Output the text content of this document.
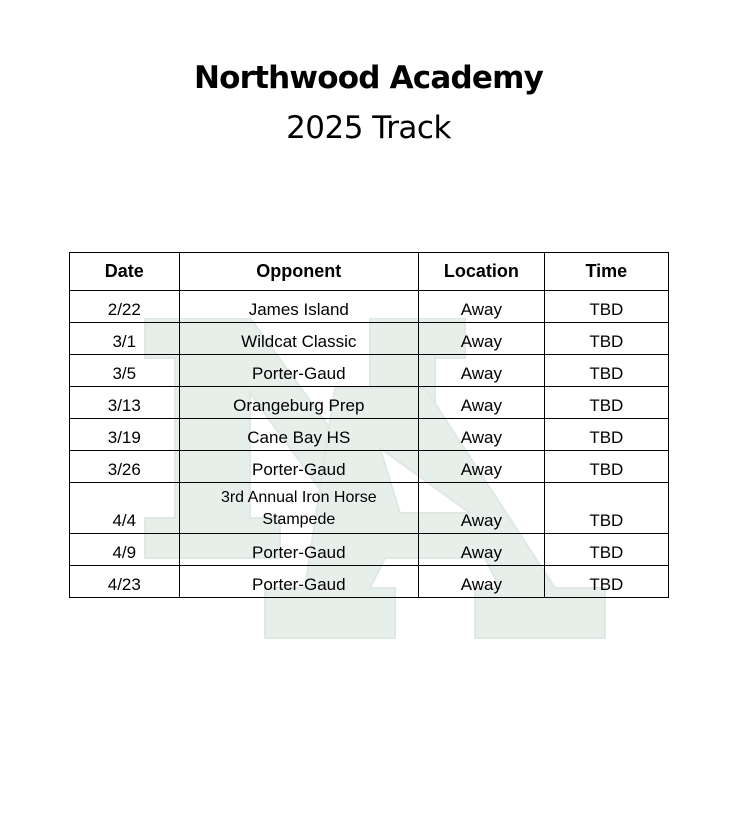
Northwood Academy
2025 Track
Date	Opponent	Location	Time
2/22	James Island	Away	TBD
3/1	Wildcat Classic	Away	TBD
3/5	Porter-Gaud	Away	TBD
3/13	Orangeburg Prep	Away	TBD
3/19	Cane Bay HS	Away	TBD
3/26	Porter-Gaud	Away	TBD
4/4	3rd Annual Iron Horse Stampede	Away	TBD
4/9	Porter-Gaud	Away	TBD
4/23	Porter-Gaud	Away	TBD
